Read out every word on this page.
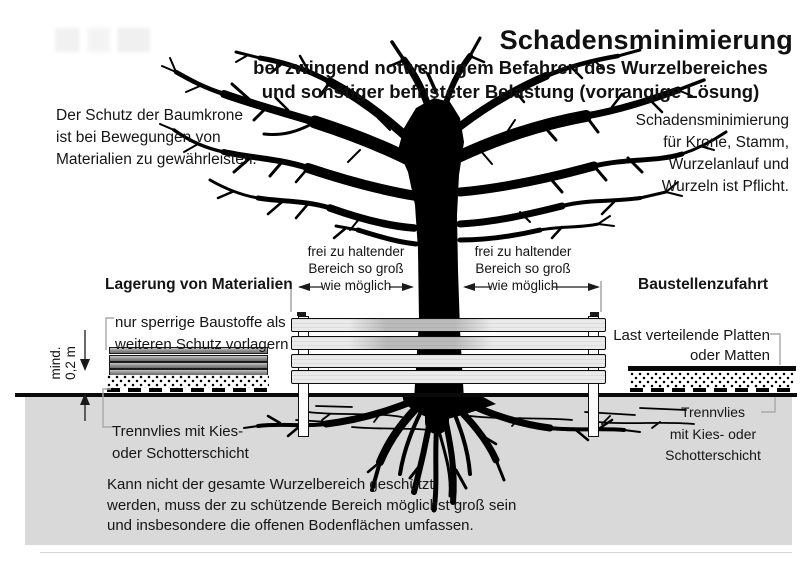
Schadensminimierung
bei zwingend notwendigem Befahren des Wurzelbereiches
und sonstiger befristeter Belastung (vorrangige Lösung)
Der Schutz der Baumkrone
ist bei Bewegungen von
Materialien zu gewährleisten.
Schadensminimierung
für Krone, Stamm,
Wurzelanlauf und
Wurzeln ist Pflicht.
frei zu haltender
Bereich so groß
wie möglich
frei zu haltender
Bereich so groß
wie möglich
Lagerung von Materialien	Baustellenzufahrt
nur sperrige Baustoffe als
weiteren Schutz vorlagern
mind. 0,2 m
Trennvlies mit Kies-
oder Schotterschicht
Last verteilende Platten
oder Matten
Trennvlies
mit Kies- oder
Schotterschicht
Kann nicht der gesamte Wurzelbereich geschützt
werden, muss der zu schützende Bereich möglichst groß sein
und insbesondere die offenen Bodenflächen umfassen.
